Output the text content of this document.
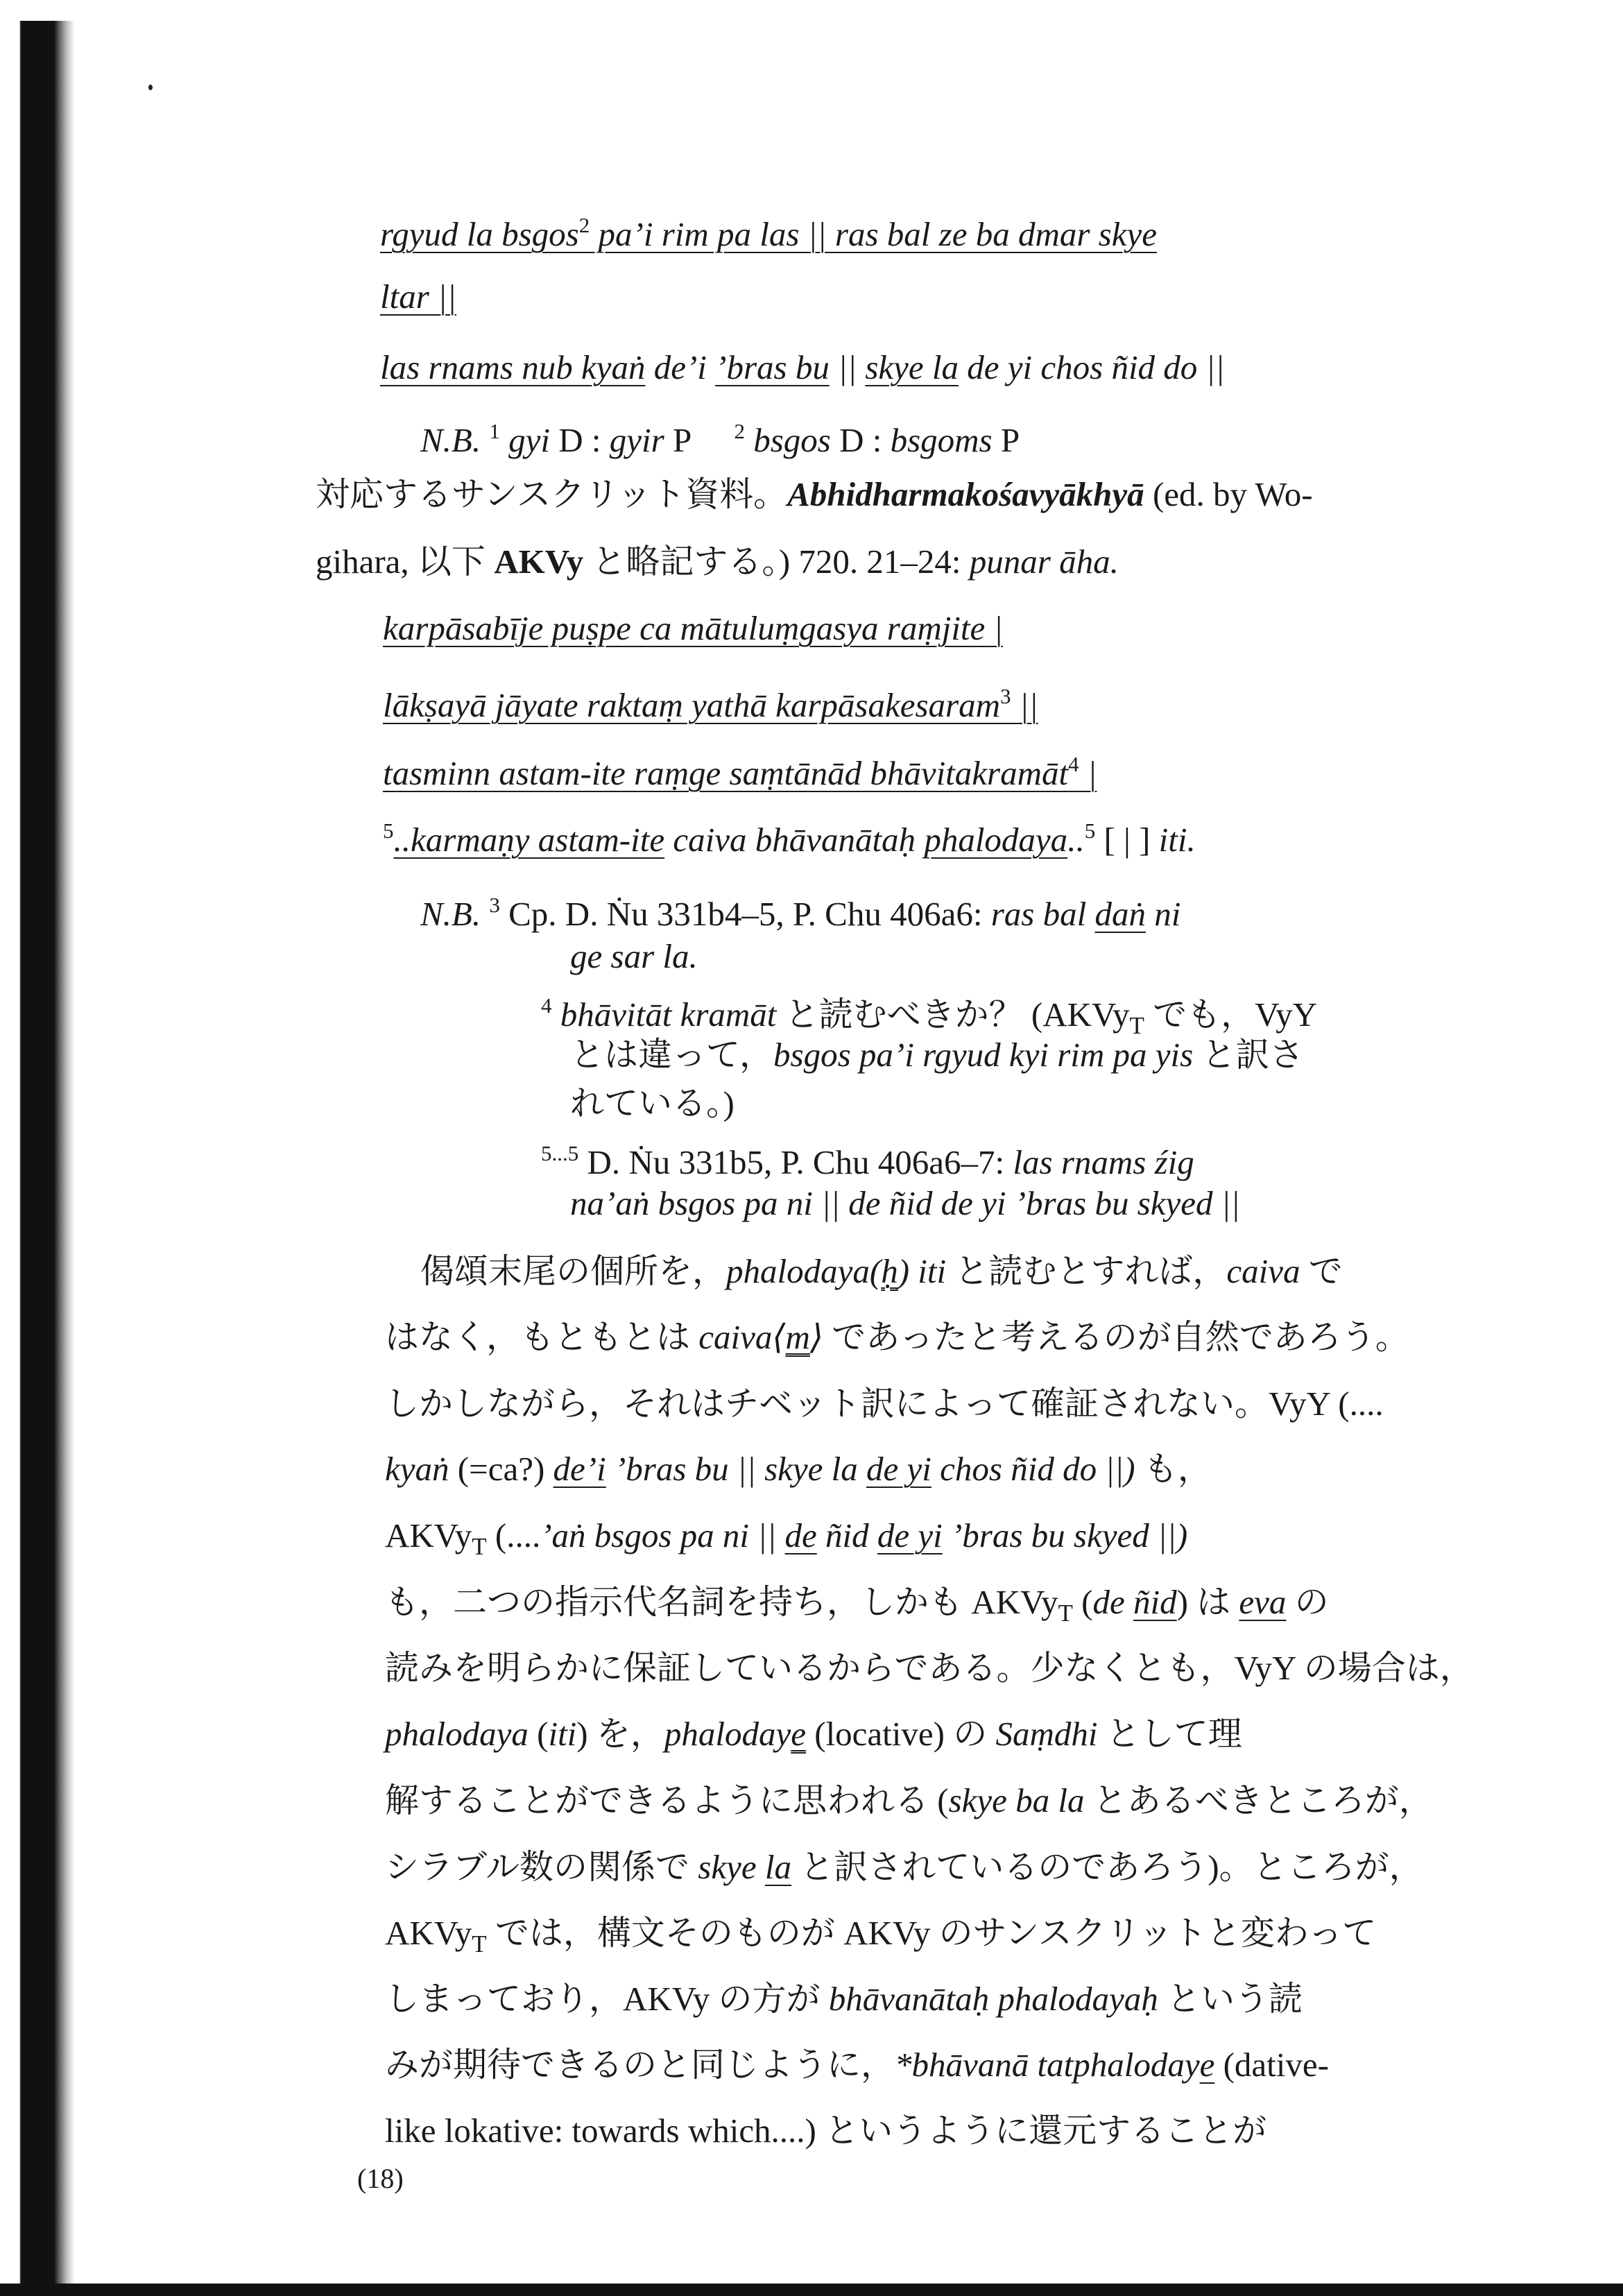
rgyud la bsgos$^2$ pa’i rim pa las || ras bal ze ba dmar skye
ltar ||
las rnams nub kyaṅ de’i ’bras bu || skye la de yi chos ñid do ||
N.B. $^1$ gyi D : gyir P $^2$ bsgos D : bsgoms P
対応するサンスクリット資料。Abhidharmakośavyākhyā (ed. by Wo-
gihara, 以下 AKVy と略記する。) 720. 21–24: punar āha.
karpāsabīje puṣpe ca mātuluṃgasya raṃjite |
lākṣayā jāyate raktaṃ yathā karpāsakesaram$^3$ ||
tasminn astam-ite raṃge saṃtānād bhāvitakramāt$^4$ |
$^5$..karmaṇy astam-ite caiva bhāvanātaḥ phalodaya..$^5$ [ | ] iti.
N.B. $^3$ Cp. D. Ṅu 331b4–5, P. Chu 406a6: ras bal daṅ ni
ge sar la.
$^4$ bhāvitāt kramāt と読むべきか？ (AKVy$_T$ でも，VyY
とは違って，bsgos pa’i rgyud kyi rim pa yis と訳さ
れている。)
$^{5...5}$ D. Ṅu 331b5, P. Chu 406a6–7: las rnams źig
na’aṅ bsgos pa ni || de ñid de yi ’bras bu skyed ||
偈頌末尾の個所を，phalodaya(ḥ) iti と読むとすれば，caiva で
はなく，もともとは caiva⟨m⟩ であったと考えるのが自然であろう。
しかしながら，それはチベット訳によって確証されない。VyY (....
kyaṅ (=ca?) de’i ’bras bu || skye la de yi chos ñid do ||) も，
AKVy$_T$ (....’aṅ bsgos pa ni || de ñid de yi ’bras bu skyed ||)
も，二つの指示代名詞を持ち，しかも AKVy$_T$ (de ñid) は eva の
読みを明らかに保証しているからである。少なくとも，VyY の場合は，
phalodaya (iti) を，phalodaye (locative) の Saṃdhi として理
解することができるように思われる (skye ba la とあるべきところが，
シラブル数の関係で skye la と訳されているのであろう)。ところが，
AKVy$_T$ では，構文そのものが AKVy のサンスクリットと変わって
しまっており，AKVy の方が bhāvanātaḥ phalodayaḥ という読
みが期待できるのと同じように，*bhāvanā tatphalodaye (dative-
like lokative: towards which....) というように還元することが
(18)
